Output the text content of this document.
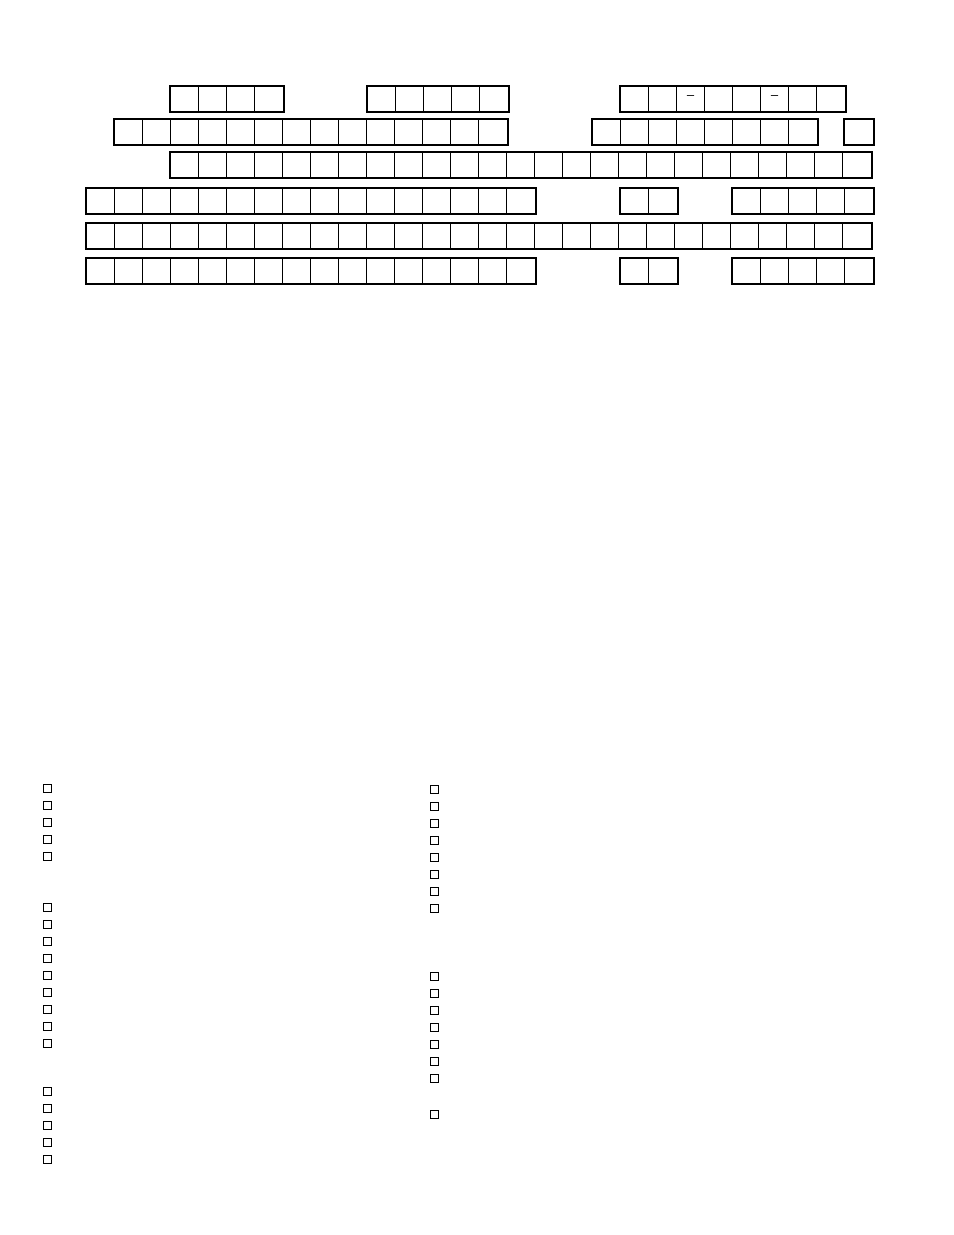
–	–
